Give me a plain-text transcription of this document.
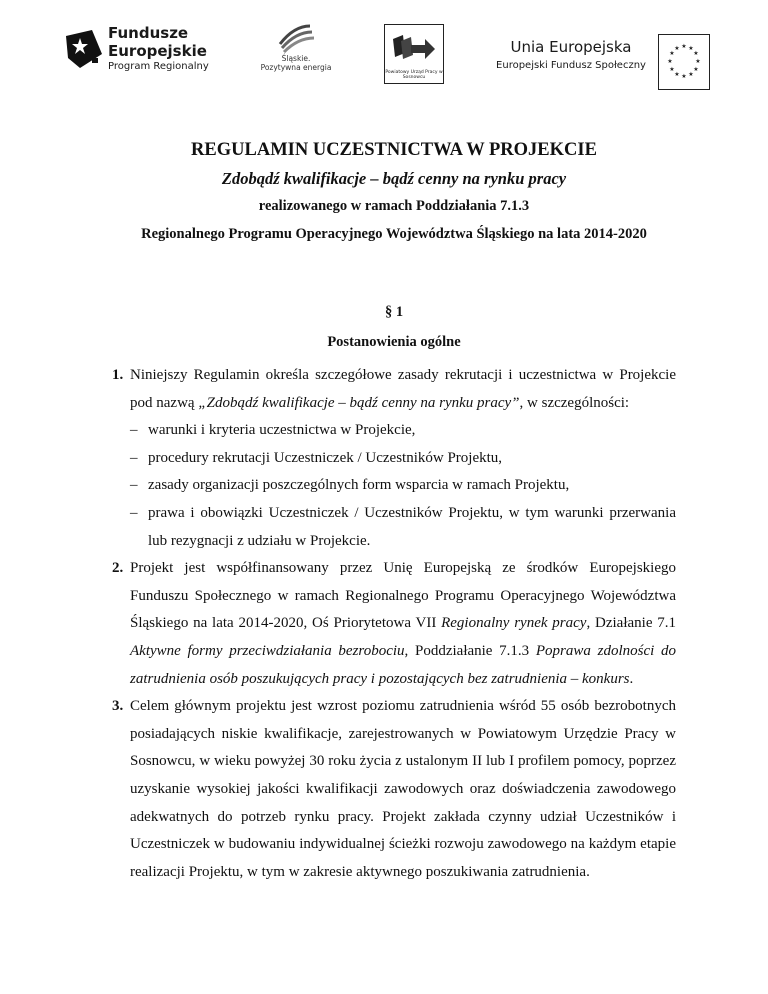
Fundusze
Europejskie
Program Regionalny
Śląskie.
Pozytywna energia
Powiatowy Urząd Pracy w Sosnowcu
Unia Europejska
Europejski Fundusz Społeczny
★ ★
★
★
★
★
★
★
★
★
★
★
REGULAMIN UCZESTNICTWA W PROJEKCIE

Zdobądź kwalifikacje – bądź cenny na rynku pracy

realizowanego w ramach Poddziałania 7.1.3
Regionalnego Programu Operacyjnego Województwa Śląskiego na lata 2014-2020
§ 1
Postanowienia ogólne
1. Niniejszy Regulamin określa szczegółowe zasady rekrutacji i uczestnictwa w Projekcie pod nazwą „Zdobądź kwalifikacje – bądź cenny na rynku pracy”, w szczególności:
– warunki i kryteria uczestnictwa w Projekcie,
– procedury rekrutacji Uczestniczek / Uczestników Projektu,
– zasady organizacji poszczególnych form wsparcia w ramach Projektu,
– prawa i obowiązki Uczestniczek / Uczestników Projektu, w tym warunki przerwania lub rezygnacji z udziału w Projekcie.
2. Projekt jest współfinansowany przez Unię Europejską ze środków Europejskiego Funduszu Społecznego w ramach Regionalnego Programu Operacyjnego Województwa Śląskiego na lata 2014-2020, Oś Priorytetowa VII Regionalny rynek pracy, Działanie 7.1 Aktywne formy przeciwdziałania bezrobociu, Poddziałanie 7.1.3 Poprawa zdolności do zatrudnienia osób poszukujących pracy i pozostających bez zatrudnienia – konkurs.
3. Celem głównym projektu jest wzrost poziomu zatrudnienia wśród 55 osób bezrobotnych posiadających niskie kwalifikacje, zarejestrowanych w Powiatowym Urzędzie Pracy w Sosnowcu, w wieku powyżej 30 roku życia z ustalonym II lub I profilem pomocy, poprzez uzyskanie wysokiej jakości kwalifikacji zawodowych oraz doświadczenia zawodowego adekwatnych do potrzeb rynku pracy. Projekt zakłada czynny udział Uczestników i Uczestniczek w budowaniu indywidualnej ścieżki rozwoju zawodowego na każdym etapie realizacji Projektu, w tym w zakresie aktywnego poszukiwania zatrudnienia.
